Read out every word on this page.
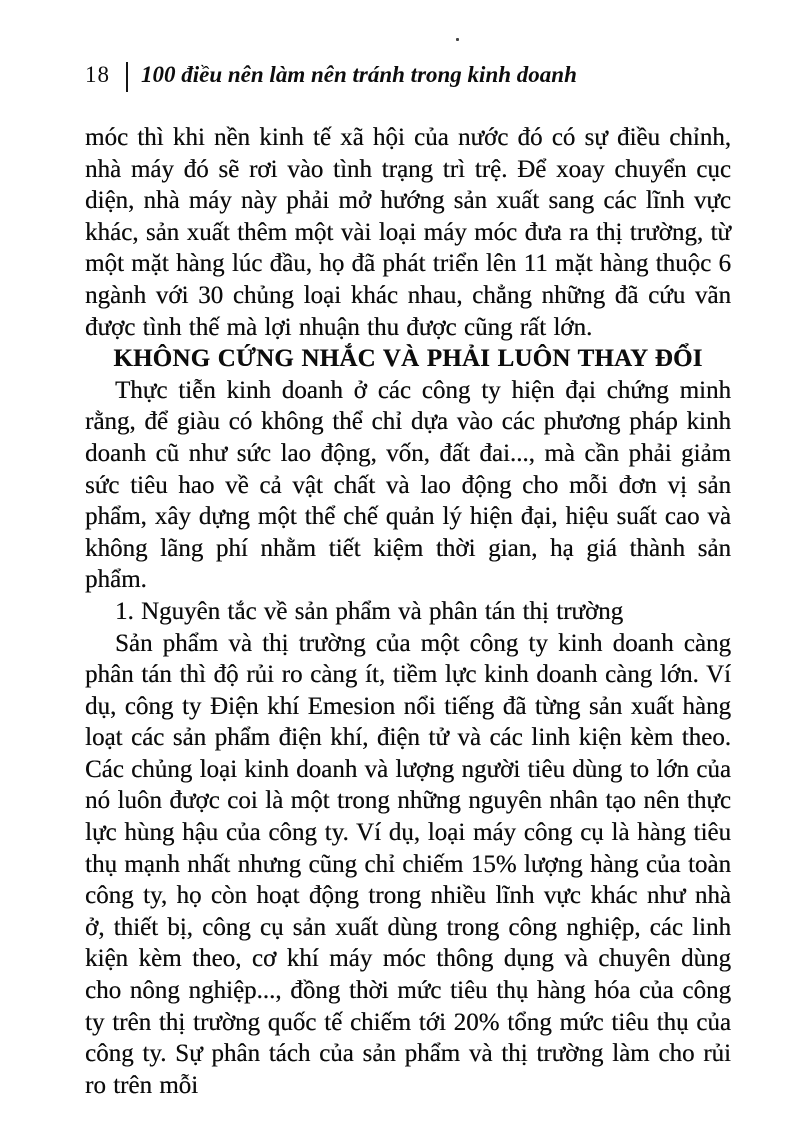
18 100 điều nên làm nên tránh trong kinh doanh

móc thì khi nền kinh tế xã hội của nước đó có sự điều chỉnh, nhà máy đó sẽ rơi vào tình trạng trì trệ. Để xoay chuyển cục diện, nhà máy này phải mở hướng sản xuất sang các lĩnh vực khác, sản xuất thêm một vài loại máy móc đưa ra thị trường, từ một mặt hàng lúc đầu, họ đã phát triển lên 11 mặt hàng thuộc 6 ngành với 30 chủng loại khác nhau, chẳng những đã cứu vãn được tình thế mà lợi nhuận thu được cũng rất lớn.

KHÔNG CỨNG NHẮC VÀ PHẢI LUÔN THAY ĐỔI

Thực tiễn kinh doanh ở các công ty hiện đại chứng minh rằng, để giàu có không thể chỉ dựa vào các phương pháp kinh doanh cũ như sức lao động, vốn, đất đai..., mà cần phải giảm sức tiêu hao về cả vật chất và lao động cho mỗi đơn vị sản phẩm, xây dựng một thể chế quản lý hiện đại, hiệu suất cao và không lãng phí nhằm tiết kiệm thời gian, hạ giá thành sản phẩm.

1. Nguyên tắc về sản phẩm và phân tán thị trường

Sản phẩm và thị trường của một công ty kinh doanh càng phân tán thì độ rủi ro càng ít, tiềm lực kinh doanh càng lớn. Ví dụ, công ty Điện khí Emesion nổi tiếng đã từng sản xuất hàng loạt các sản phẩm điện khí, điện tử và các linh kiện kèm theo. Các chủng loại kinh doanh và lượng người tiêu dùng to lớn của nó luôn được coi là một trong những nguyên nhân tạo nên thực lực hùng hậu của công ty. Ví dụ, loại máy công cụ là hàng tiêu thụ mạnh nhất nhưng cũng chỉ chiếm 15% lượng hàng của toàn công ty, họ còn hoạt động trong nhiều lĩnh vực khác như nhà ở, thiết bị, công cụ sản xuất dùng trong công nghiệp, các linh kiện kèm theo, cơ khí máy móc thông dụng và chuyên dùng cho nông nghiệp..., đồng thời mức tiêu thụ hàng hóa của công ty trên thị trường quốc tế chiếm tới 20% tổng mức tiêu thụ của công ty. Sự phân tách của sản phẩm và thị trường làm cho rủi ro trên mỗi
